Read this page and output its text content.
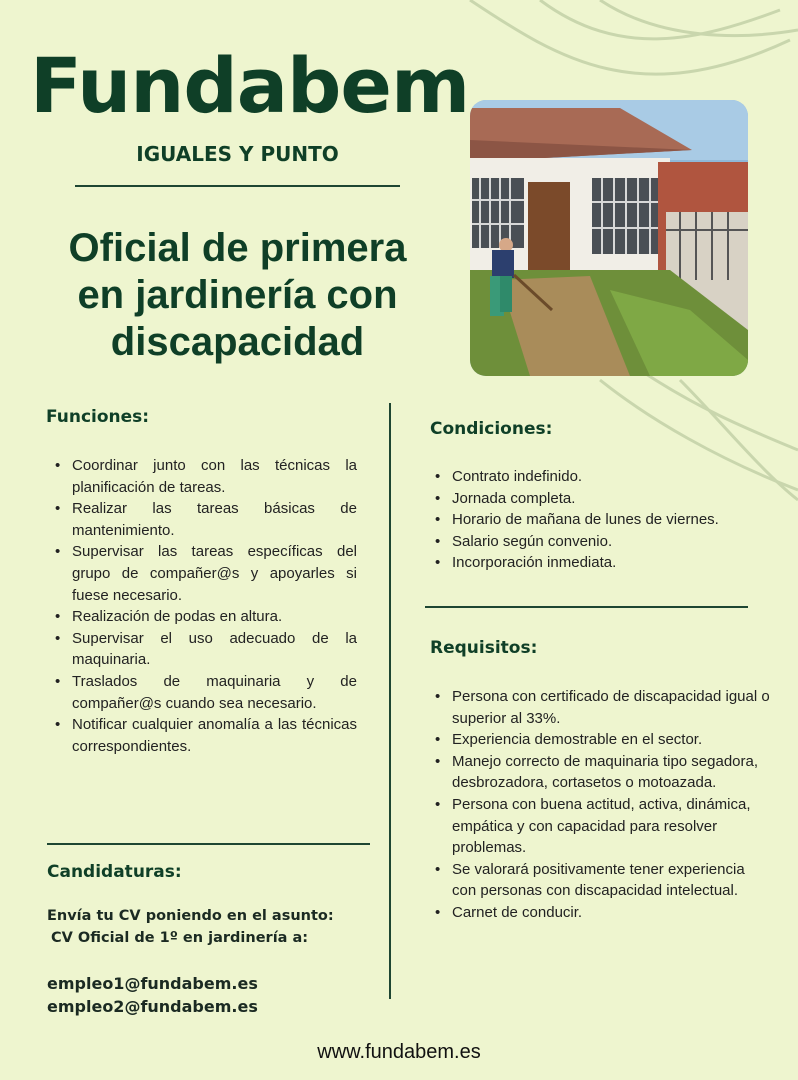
Fundabem
IGUALES Y PUNTO
Oficial de primera
en jardinería con
discapacidad
Funciones:
• Coordinar junto con las técnicas la planificación de tareas.
• Realizar las tareas básicas de mantenimiento.
• Supervisar las tareas específicas del grupo de compañer@s y apoyarles si fuese necesario.
• Realización de podas en altura.
• Supervisar el uso adecuado de la maquinaria.
• Traslados de maquinaria y de compañer@s cuando sea necesario.
• Notificar cualquier anomalía a las técnicas correspondientes.
Condiciones:
• Contrato indefinido.
• Jornada completa.
• Horario de mañana de lunes de viernes.
• Salario según convenio.
• Incorporación inmediata.
Requisitos:
• Persona con certificado de discapacidad igual o superior al 33%.
• Experiencia demostrable en el sector.
• Manejo correcto de maquinaria tipo segadora, desbrozadora, cortasetos o motoazada.
• Persona con buena actitud, activa, dinámica, empática y con capacidad para resolver problemas.
• Se valorará positivamente tener experiencia con personas con discapacidad intelectual.
• Carnet de conducir.
Candidaturas:
Envía tu CV poniendo en el asunto:
CV Oficial de 1º en jardinería a:
empleo1@fundabem.es
empleo2@fundabem.es
www.fundabem.es
